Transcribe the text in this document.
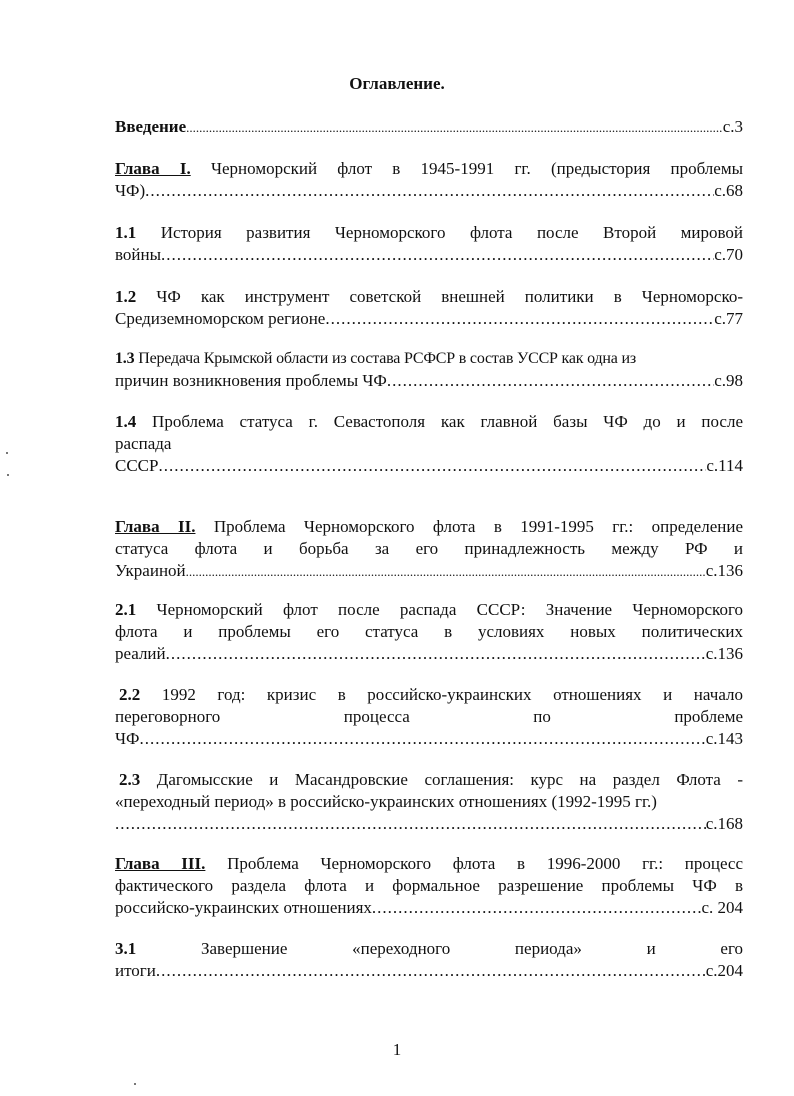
Оглавление.
Введение .....	с.3
Глава I. Черноморский флот в 1945-1991 гг. (предыстория проблемы
ЧФ) .....	с.68
1.1 История развития Черноморского флота после Второй мировой
войны .....	с.70
1.2 ЧФ как инструмент советской внешней политики в Черноморско-
Средиземноморском регионе .....	с.77
1.3 Передача Крымской области из состава РСФСР в состав УССР как одна из
причин возникновения проблемы ЧФ .....	с.98
1.4 Проблема статуса г. Севастополя как главной базы ЧФ до и после
распада
СССР .....	с.114
Глава II. Проблема Черноморского флота в 1991-1995 гг.: определение
статуса флота и борьба за его принадлежность между РФ и
Украиной .....	с.136
2.1 Черноморский флот после распада СССР: Значение Черноморского
флота и проблемы его статуса в условиях новых политических
реалий .....	с.136
2.2 1992 год: кризис в российско-украинских отношениях и начало
переговорного процесса по проблеме
ЧФ .....	с.143
2.3 Дагомысские и Масандровские соглашения: курс на раздел Флота -
«переходный период» в российско-украинских отношениях (1992-1995 гг.)
.....
с.168
Глава III. Проблема Черноморского флота в 1996-2000 гг.: процесс
фактического раздела флота и формальное разрешение проблемы ЧФ в
российско-украинских отношениях .....	с. 204
3.1	Завершение «переходного периода» и его
итоги .....	с.204
1
